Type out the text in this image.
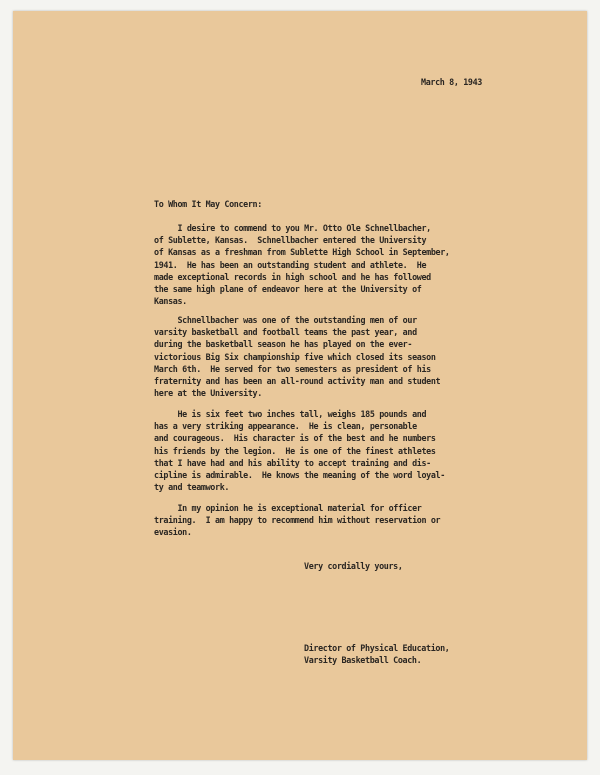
March 8, 1943
To Whom It May Concern:
I desire to commend to you Mr. Otto Ole Schnellbacher,
of Sublette, Kansas.  Schnellbacher entered the University
of Kansas as a freshman from Sublette High School in September,
1941.  He has been an outstanding student and athlete.  He
made exceptional records in high school and he has followed
the same high plane of endeavor here at the University of
Kansas.
Schnellbacher was one of the outstanding men of our
varsity basketball and football teams the past year, and
during the basketball season he has played on the ever-
victorious Big Six championship five which closed its season
March 6th.  He served for two semesters as president of his
fraternity and has been an all-round activity man and student
here at the University.
He is six feet two inches tall, weighs 185 pounds and
has a very striking appearance.  He is clean, personable
and courageous.  His character is of the best and he numbers
his friends by the legion.  He is one of the finest athletes
that I have had and his ability to accept training and dis-
cipline is admirable.  He knows the meaning of the word loyal-
ty and teamwork.
In my opinion he is exceptional material for officer
training.  I am happy to recommend him without reservation or
evasion.
Very cordially yours,
Director of Physical Education,
Varsity Basketball Coach.
